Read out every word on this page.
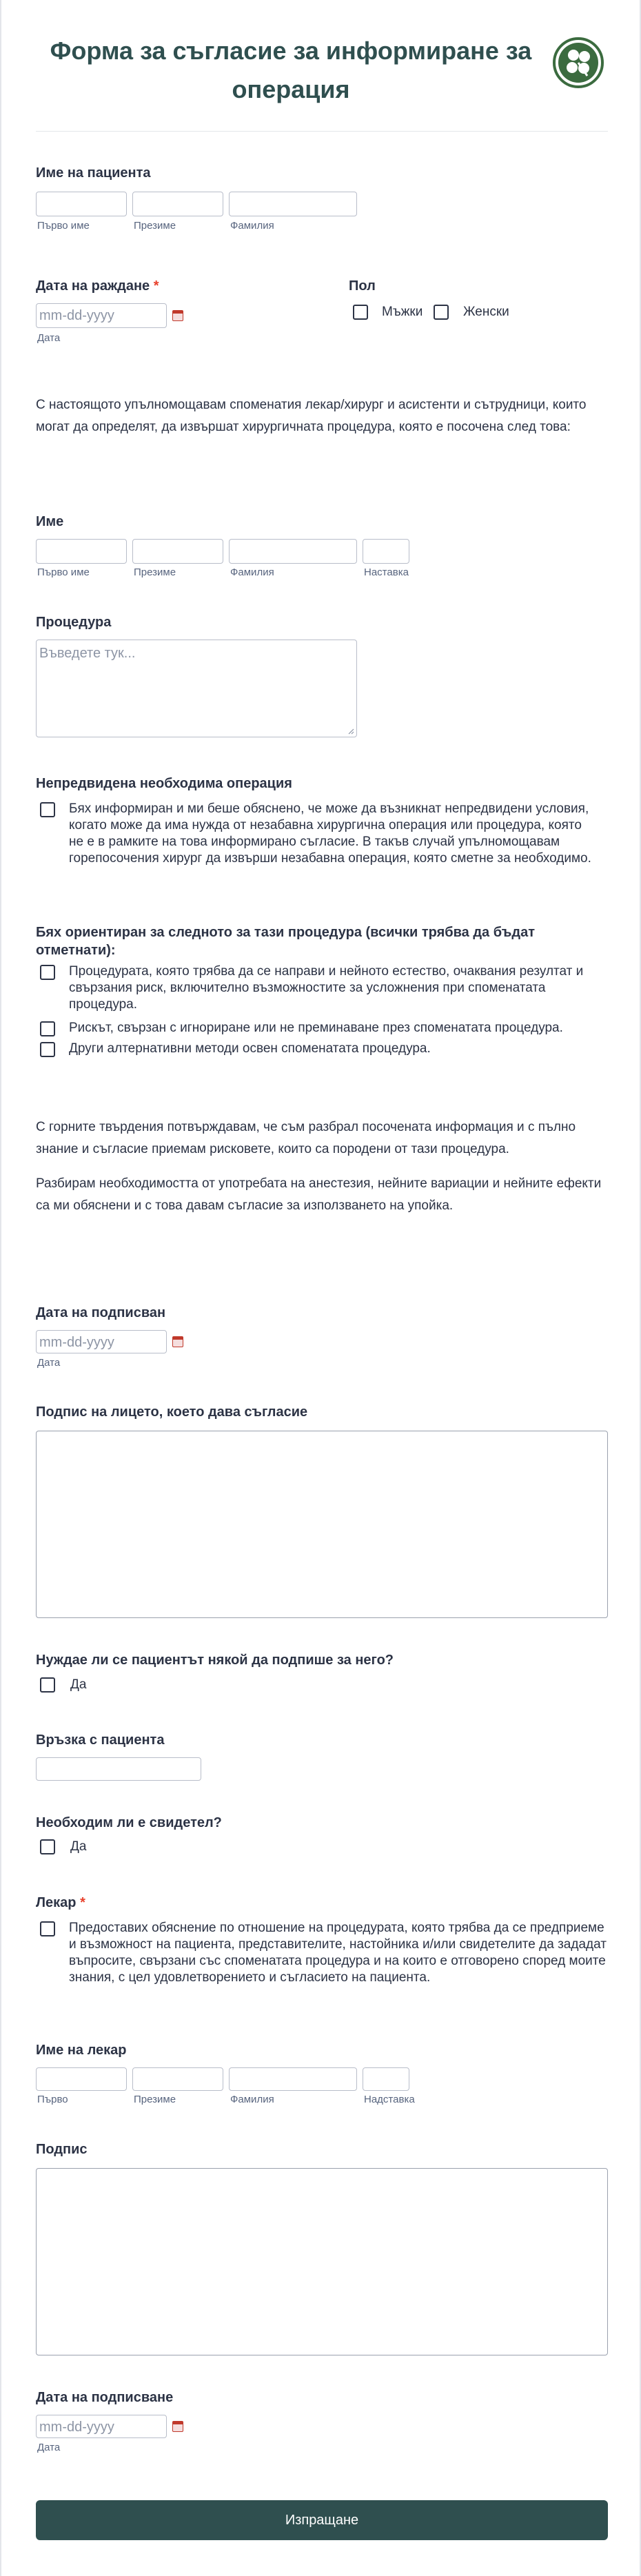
Форма за съгласие за информиране за
операция
Име на пациента
Първо име	Презиме	Фамилия
Дата на раждане *
mm-dd-yyyy
Дата
Пол
Мъжки	Женски
С настоящото упълномощавам споменатия лекар/хирург и асистенти и сътрудници, които могат да определят, да извършат хирургичната процедура, която е посочена след това:
Име
Първо име	Презиме	Фамилия	Наставка
Процедура
Въведете тук...
Непредвидена необходима операция
Бях информиран и ми беше обяснено, че може да възникнат непредвидени условия, когато може да има нужда от незабавна хирургична операция или процедура, която не е в рамките на това информирано съгласие. В такъв случай упълномощавам горепосочения хирург да извърши незабавна операция, която сметне за необходимо.
Бях ориентиран за следното за тази процедура (всички трябва да бъдат отметнати):
Процедурата, която трябва да се направи и нейното естество, очаквания резултат и свързания риск, включително възможностите за усложнения при споменатата процедура.
Рискът, свързан с игнориране или не преминаване през споменатата процедура.
Други алтернативни методи освен споменатата процедура.
С горните твърдения потвърждавам, че съм разбрал посочената информация и с пълно знание и съгласие приемам рисковете, които са породени от тази процедура.
Разбирам необходимостта от употребата на анестезия, нейните вариации и нейните ефекти са ми обяснени и с това давам съгласие за използването на упойка.
Дата на подписван
mm-dd-yyyy
Дата
Подпис на лицето, което дава съгласие
Нуждае ли се пациентът някой да подпише за него?
Да
Връзка с пациента
Необходим ли е свидетел?
Да
Лекар *
Предоставих обяснение по отношение на процедурата, която трябва да се предприеме и възможност на пациента, представителите, настойника и/или свидетелите да зададат въпросите, свързани със споменатата процедура и на които е отговорено според моите знания, с цел удовлетворението и съгласието на пациента.
Име на лекар
Първо	Презиме	Фамилия	Надставка
Подпис
Дата на подписване
mm-dd-yyyy
Дата
Изпращане
